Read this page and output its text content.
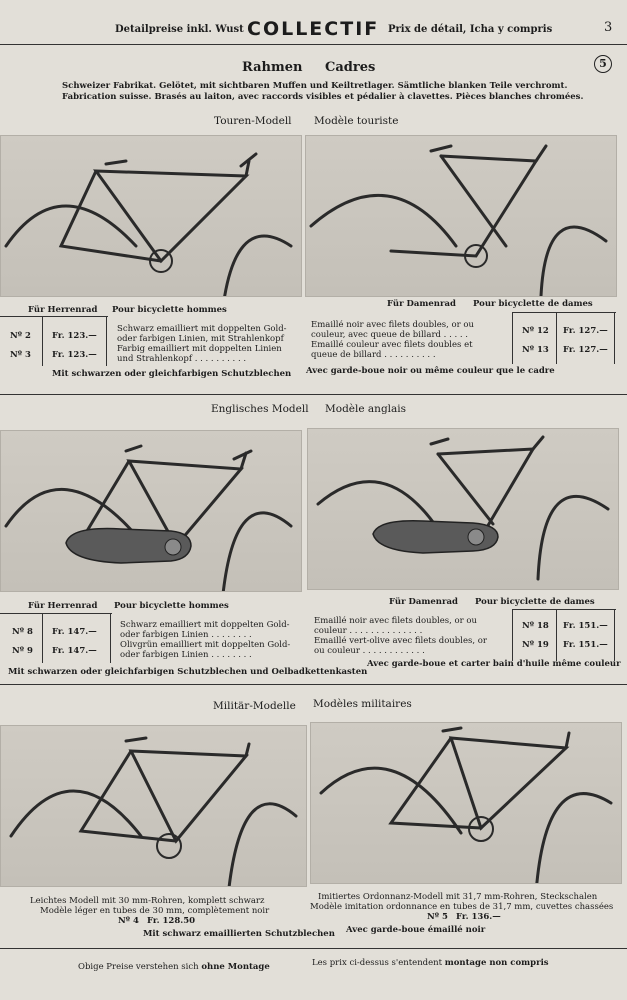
Detailpreise inkl. Wust COLLECTIF Prix de détail, Icha y compris	3
Rahmen Cadres	5
Schweizer Fabrikat. Gelötet, mit sichtbaren Muffen und Keiltretlager. Sämtliche blanken Teile verchromt.
Fabrication suisse. Brasés au laiton, avec raccords visibles et pédalier à clavettes. Pièces blanches chromées.
Touren-Modell Modèle touriste
Für Herrenrad Pour bicyclette hommes
Für Damenrad Pour bicyclette de dames
Nº 2 Fr. 123.—
Nº 3 Fr. 123.—
Schwarz emailliert mit doppelten Gold-
oder farbigen Linien, mit Strahlenkopf
Farbig emailliert mit doppelten Linien
und Strahlenkopf . . . . . . . . . .
Emaillé noir avec filets doubles, or ou
couleur, avec queue de billard . . . . .
Emaillé couleur avec filets doubles et
queue de billard . . . . . . . . . .
Nº 12 Fr. 127.—
Nº 13 Fr. 127.—
Mit schwarzen oder gleichfarbigen Schutzblechen Avec garde-boue noir ou même couleur que le cadre
Englisches Modell Modèle anglais
Für Herrenrad Pour bicyclette hommes	Für Damenrad Pour bicyclette de dames
Nº 8 Fr. 147.—
Nº 9 Fr. 147.—
Schwarz emailliert mit doppelten Gold-
oder farbigen Linien . . . . . . . .
Olivgrün emailliert mit doppelten Gold-
oder farbigen Linien . . . . . . . .
Emaillé noir avec filets doubles, or ou
couleur . . . . . . . . . . . . . .
Emaillé vert-olive avec filets doubles, or
ou couleur . . . . . . . . . . . .
Nº 18 Fr. 151.—
Nº 19 Fr. 151.—
Mit schwarzen oder gleichfarbigen Schutzblechen und Oelbadkettenkasten
Avec garde-boue et carter bain d'huile même couleur
Militär-Modelle Modèles militaires
Leichtes Modell mit 30 mm-Rohren, komplett schwarz
Modèle léger en tubes de 30 mm, complètement noir
Nº 4 Fr. 128.50
Imitiertes Ordonnanz-Modell mit 31,7 mm-Rohren, Steckschalen
Modèle imitation ordonnance en tubes de 31,7 mm, cuvettes chassées
Nº 5 Fr. 136.—
Mit schwarz emaillierten Schutzblechen Avec garde-boue émaillé noir
Obige Preise verstehen sich ohne Montage	Les prix ci-dessus s'entendent montage non compris
